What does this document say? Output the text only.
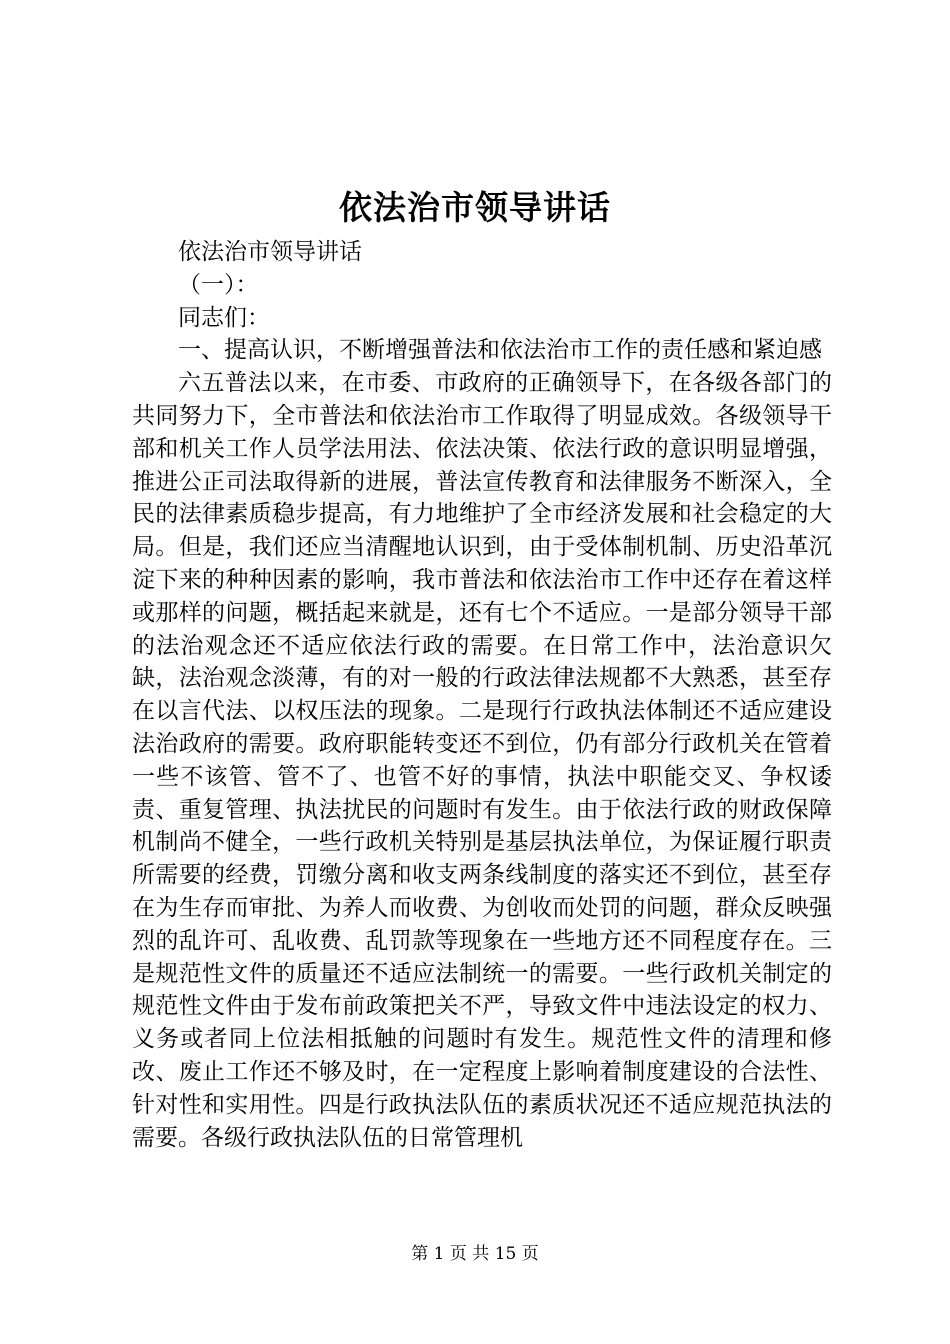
依法治市领导讲话

依法治市领导讲话

（一）：

同志们：

一、提高认识，不断增强普法和依法治市工作的责任感和紧迫感

六五普法以来，在市委、市政府的正确领导下，在各级各部门的共同努力下，全市普法和依法治市工作取得了明显成效。各级领导干部和机关工作人员学法用法、依法决策、依法行政的意识明显增强，推进公正司法取得新的进展，普法宣传教育和法律服务不断深入，全民的法律素质稳步提高，有力地维护了全市经济发展和社会稳定的大局。但是，我们还应当清醒地认识到，由于受体制机制、历史沿革沉淀下来的种种因素的影响，我市普法和依法治市工作中还存在着这样或那样的问题，概括起来就是，还有七个不适应。一是部分领导干部的法治观念还不适应依法行政的需要。在日常工作中，法治意识欠缺，法治观念淡薄，有的对一般的行政法律法规都不大熟悉，甚至存在以言代法、以权压法的现象。二是现行行政执法体制还不适应建设法治政府的需要。政府职能转变还不到位，仍有部分行政机关在管着一些不该管、管不了、也管不好的事情，执法中职能交叉、争权诿责、重复管理、执法扰民的问题时有发生。由于依法行政的财政保障机制尚不健全，一些行政机关特别是基层执法单位，为保证履行职责所需要的经费，罚缴分离和收支两条线制度的落实还不到位，甚至存在为生存而审批、为养人而收费、为创收而处罚的问题，群众反映强烈的乱许可、乱收费、乱罚款等现象在一些地方还不同程度存在。三是规范性文件的质量还不适应法制统一的需要。一些行政机关制定的规范性文件由于发布前政策把关不严，导致文件中违法设定的权力、义务或者同上位法相抵触的问题时有发生。规范性文件的清理和修改、废止工作还不够及时，在一定程度上影响着制度建设的合法性、针对性和实用性。四是行政执法队伍的素质状况还不适应规范执法的需要。各级行政执法队伍的日常管理机

第 1 页 共 15 页
